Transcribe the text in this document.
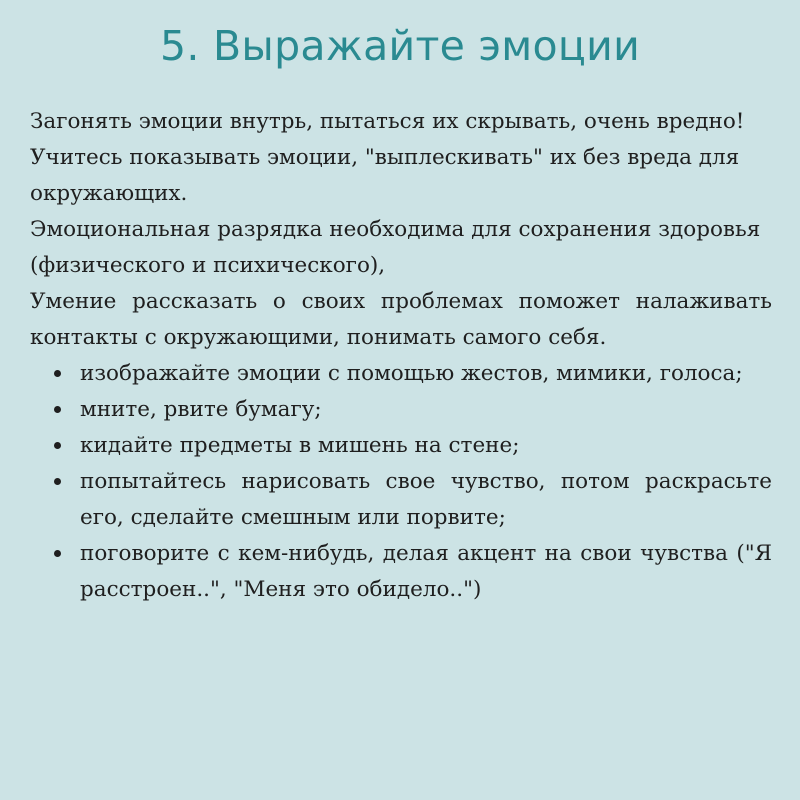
5. Выражайте эмоции

Загонять эмоции внутрь, пытаться их скрывать, очень вредно!

Учитесь показывать эмоции, "выплескивать" их без вреда для окружающих.

Эмоциональная разрядка необходима для сохранения здоровья (физического и психического),

Умение рассказать о своих проблемах поможет налаживать контакты с окружающими, понимать самого себя.

изображайте эмоции с помощью жестов, мимики, голоса;
мните, рвите бумагу;
кидайте предметы в мишень на стене;
попытайтесь нарисовать свое чувство, потом раскрасьте его, сделайте смешным или порвите;
поговорите с кем-нибудь, делая акцент на свои чувства ("Я расстроен..", "Меня это обидело..")
